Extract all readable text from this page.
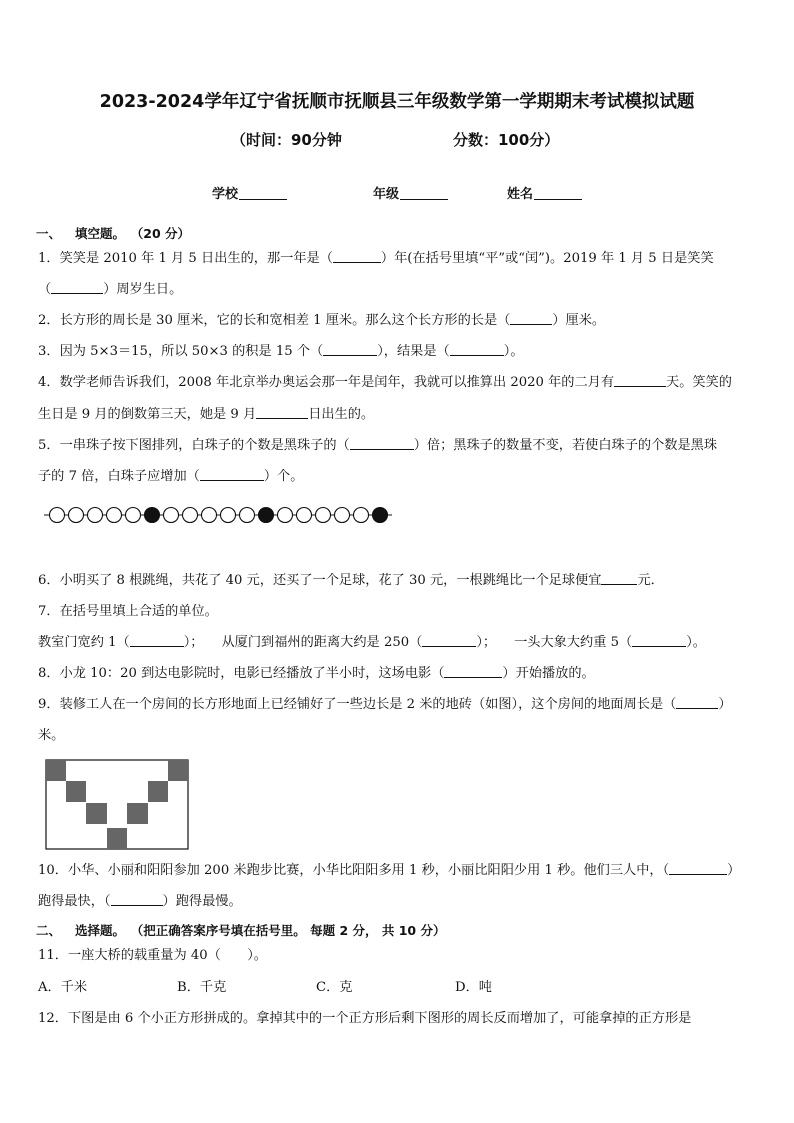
2023-2024学年辽宁省抚顺市抚顺县三年级数学第一学期期末考试模拟试题
（时间：90分钟	分数：100分）
学校	年级	姓名
一、 填空题。 （20 分）
1．笑笑是 2010 年 1 月 5 日出生的，那一年是（	）年(在括号里填“平”或“闰”)。2019 年 1 月 5 日是笑笑
（	）周岁生日。
2．长方形的周长是 30 厘米，它的长和宽相差 1 厘米。那么这个长方形的长是（	）厘米。
3．因为 5×3＝15，所以 50×3 的积是 15 个（	），结果是（	）。
4．数学老师告诉我们，2008 年北京举办奥运会那一年是闰年，我就可以推算出 2020 年的二月有	天。笑笑的
生日是 9 月的倒数第三天，她是 9 月	日出生的。
5．一串珠子按下图排列，白珠子的个数是黑珠子的（	）倍；黑珠子的数量不变，若使白珠子的个数是黑珠
子的 7 倍，白珠子应增加（	）个。
6．小明买了 8 根跳绳，共花了 40 元，还买了一个足球，花了 30 元，一根跳绳比一个足球便宜	元．
7．在括号里填上合适的单位。
教室门宽约 1（	）； 从厦门到福州的距离大约是 250（	）； 一头大象大约重 5（	）。
8．小龙 10：20 到达电影院时，电影已经播放了半小时，这场电影（	）开始播放的。
9．装修工人在一个房间的长方形地面上已经铺好了一些边长是 2 米的地砖（如图），这个房间的地面周长是（	）
米。
10．小华、小丽和阳阳参加 200 米跑步比赛，小华比阳阳多用 1 秒，小丽比阳阳少用 1 秒。他们三人中，（	）
跑得最快，（	）跑得最慢。
二、 选择题。 （把正确答案序号填在括号里。 每题 2 分， 共 10 分）
11．一座大桥的载重量为 40（　　）。
A．千米	B．千克	C．克	D．吨
12．下图是由 6 个小正方形拼成的。拿掉其中的一个正方形后剩下图形的周长反而增加了，可能拿掉的正方形是
